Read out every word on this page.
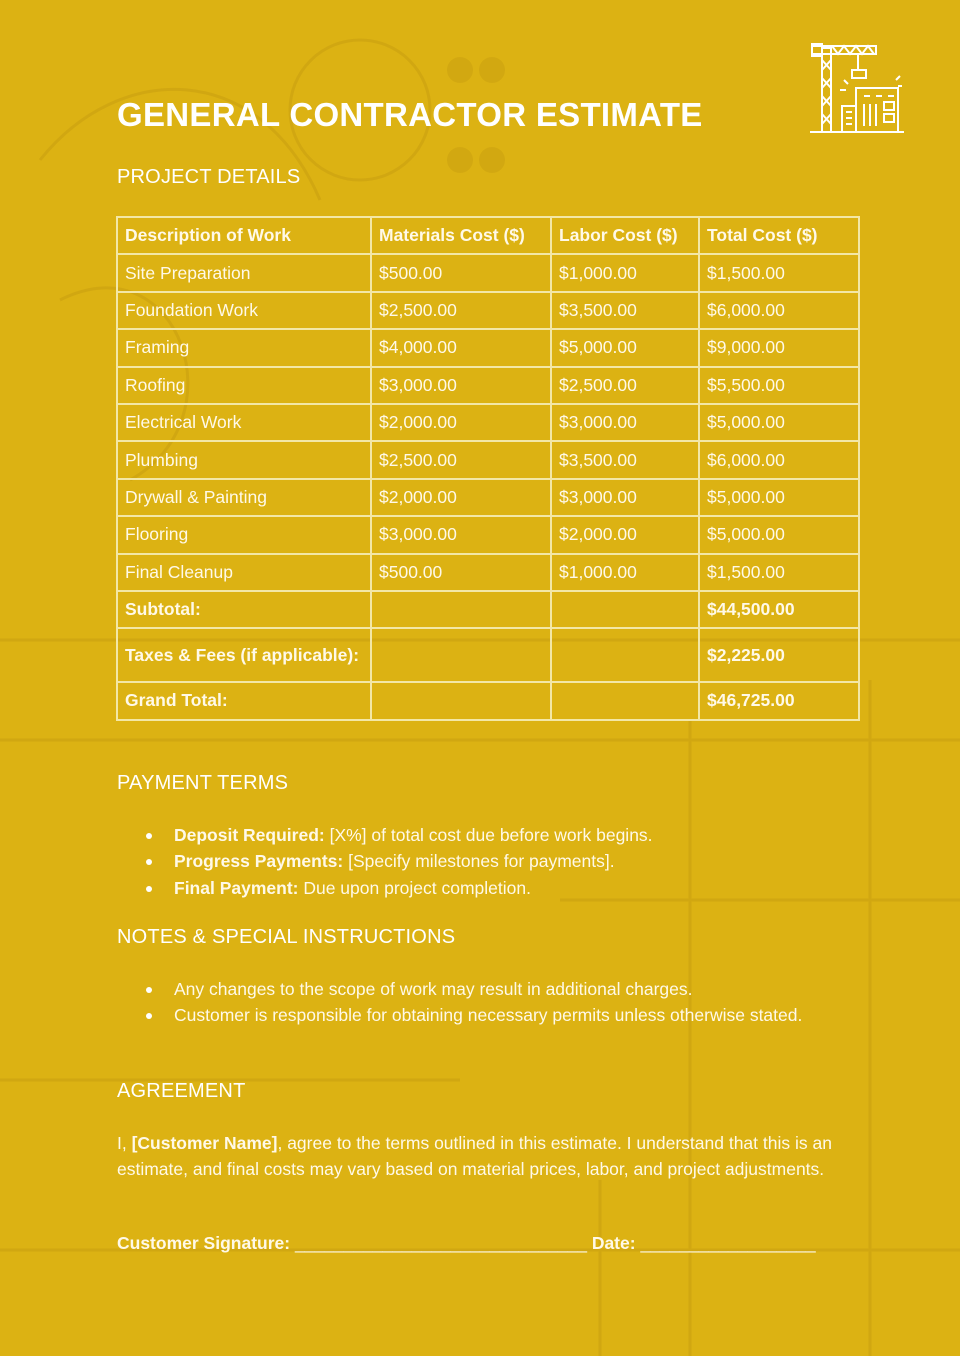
GENERAL CONTRACTOR ESTIMATE
PROJECT DETAILS
Description of Work	Materials Cost ($)	Labor Cost ($)	Total Cost ($)
Site Preparation	$500.00	$1,000.00	$1,500.00
Foundation Work	$2,500.00	$3,500.00	$6,000.00
Framing	$4,000.00	$5,000.00	$9,000.00
Roofing	$3,000.00	$2,500.00	$5,500.00
Electrical Work	$2,000.00	$3,000.00	$5,000.00
Plumbing	$2,500.00	$3,500.00	$6,000.00
Drywall & Painting	$2,000.00	$3,000.00	$5,000.00
Flooring	$3,000.00	$2,000.00	$5,000.00
Final Cleanup	$500.00	$1,000.00	$1,500.00
Subtotal:			$44,500.00
Taxes & Fees (if applicable):			$2,225.00
Grand Total:			$46,725.00
PAYMENT TERMS
Deposit Required: [X%] of total cost due before work begins.
Progress Payments: [Specify milestones for payments].
Final Payment: Due upon project completion.
NOTES & SPECIAL INSTRUCTIONS
Any changes to the scope of work may result in additional charges.
Customer is responsible for obtaining necessary permits unless otherwise stated.
AGREEMENT

I, [Customer Name], agree to the terms outlined in this estimate. I understand that this is an estimate, and final costs may vary based on material prices, labor, and project adjustments.

Customer Signature: ______________________________ Date: __________________
